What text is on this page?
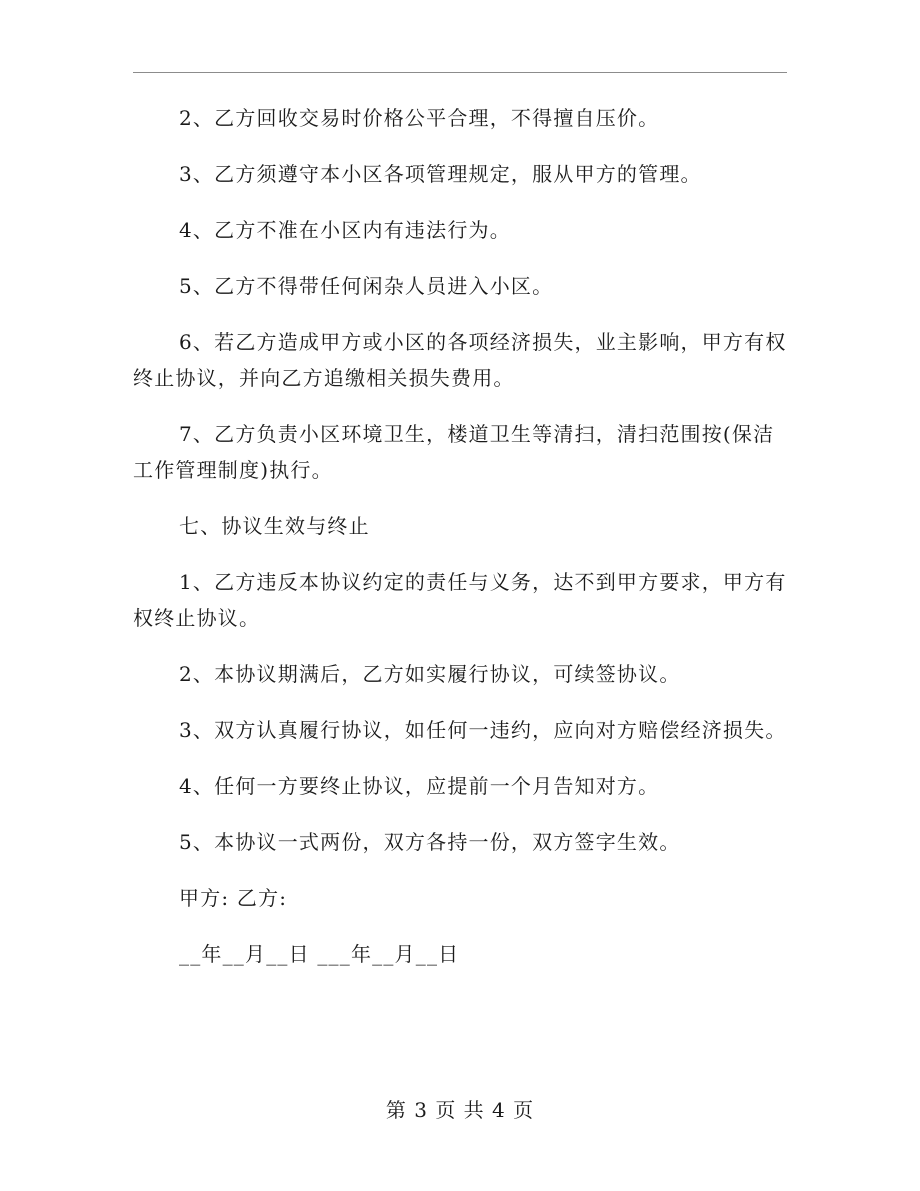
2、乙方回收交易时价格公平合理，不得擅自压价。

3、乙方须遵守本小区各项管理规定，服从甲方的管理。

4、乙方不准在小区内有违法行为。

5、乙方不得带任何闲杂人员进入小区。

6、若乙方造成甲方或小区的各项经济损失，业主影响，甲方有权终止协议，并向乙方追缴相关损失费用。

7、乙方负责小区环境卫生，楼道卫生等清扫，清扫范围按(保洁工作管理制度)执行。

七、协议生效与终止

1、乙方违反本协议约定的责任与义务，达不到甲方要求，甲方有权终止协议。

2、本协议期满后，乙方如实履行协议，可续签协议。

3、双方认真履行协议，如任何一违约，应向对方赔偿经济损失。

4、任何一方要终止协议，应提前一个月告知对方。

5、本协议一式两份，双方各持一份，双方签字生效。

甲方: 乙方:

__年__月__日 ___年__月__日

第 3 页 共 4 页
